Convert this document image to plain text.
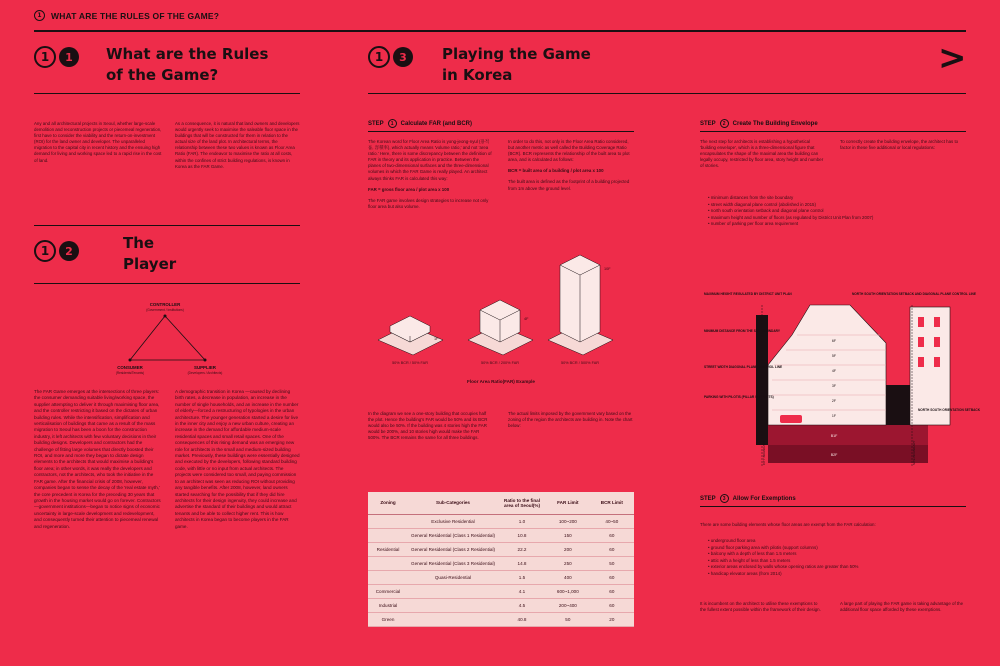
1	WHAT ARE THE RULES OF THE GAME?
>
1	1	What are the Rules
of the Game?
Any and all architectural projects in Seoul, whether large-scale demolition and reconstruction projects or piecemeal regeneration, first have to consider the viability and the return-on-investment (ROI) for the land owner and developer. The unparalleled migration to the capital city in recent history and the ensuing high demand for living and working space led to a rapid rise in the cost of land.
As a consequence, it is natural that land owners and developers would urgently seek to maximise the saleable floor space in the buildings that will be constructed for them in relation to the actual size of the land plot. In architectural terms, the relationship between these two values is known as Floor Area Ratio (FAR). The endeavor to maximise the ratio at all costs, within the confines of strict building regulations, is known in Korea as the FAR Game.
1	2	The
Player
CONTROLLER
(Government / Institutions)
CONSUMER
(Residents/Tenants)
SUPPLIER
(Developers / Architects)
The FAR Game emerges at the intersections of three players: the consumer demanding suitable living/working space, the supplier attempting to deliver it through maximising floor area, and the controller restricting it based on the dictates of urban building rules. While the intensification, simplification and verticalisation of buildings that came as a result of the mass migration to Seoul has been a boon for the construction industry, it left architects with few voluntary decisions in their building designs. Developers and contractors had the challenge of fitting large volumes that directly boosted their ROI, and more and more they began to dictate design elements to the architects that would maximise a building's floor area; in other words, it was really the developers and contractors, not the architects, who took the initiative in the FAR game. After the financial crisis of 2008, however, companies began to sense the decay of the 'real estate myth,' the core precedent in Korea for the preceding 30 years that growth in the housing market would go on forever. Contractors—government institutions—began to notice signs of economic uncertainty in large-scale development and redevelopment, and consequently turned their attention to piecemeal renewal and regeneration.
A demographic transition in Korea —caused by declining birth rates, a decrease in population, an increase in the number of single households, and an increase in the number of elderly—forced a restructuring of typologies in the urban architecture. The younger generation started a desire for live in the inner city and enjoy a new urban culture, creating an increase in the demand for affordable medium-scale residential spaces and small retail spaces. One of the consequences of this rising demand was an emerging new role for architects in the small and medium-sized building market. Previously, these buildings were essentially designed and executed by the developers, following standard building code, with little or no input from actual architects. The projects were considered too small, and paying commission to an architect was seen as reducing ROI without providing any tangible benefits. After 2008, however, land owners started searching for the possibility that if they did hire architects for their design ingenuity, they could increase and advertise the standard of their buildings and would attract tenants and be able to collect higher rent. This is how architects in Korea began to become players in the FAR game.
1	3	Playing the Game
in Korea
STEP	1	Calculate FAR (and BCR)
The Korean word for Floor Area Ratio is yong-jeong-nyul (용적률, 容積率), which actually means 'volume ratio,' and not 'area ratio.' Here, there is some discrepancy between the definition of FAR in theory and its application in practice. Between the planes of two-dimensional surfaces and the three-dimensional volumes in which the FAR Game is really played. An architect always thinks FAR is calculated this way:
FAR = gross floor area / plot area x 100
The FAR game involves design strategies to increase not only floor area but also volume.
In order to do this, not only is the Floor Area Ratio considered, but another metric as well called the Building Coverage Ratio (BCR). BCR represents the relationship of the built area to plot area, and is calculated as follows:
BCR = built area of a building / plot area x 100
The built area is defined as the footprint of a building projected from 1m above the ground level.
1F
4F
10F
50% BCR / 50% FAR	50% BCR / 200% FAR	50% BCR / 500% FAR
Floor Area Ratio(FAR) Example
In the diagram we see a one-story building that occupies half the plot. Hence the building's FAR would be 50% and its BCR would also be 50%. If the building was 4 stories high the FAR would be 200%, and 10 stories high would make the FAR 500%. The BCR remains the same for all three buildings.
The actual limits imposed by the government vary based on the zoning of the region the architects are building in. Note the chart below:
Zoning	Sub-Categories	Ratio to the final area of Seoul(%)	FAR Limit	BCR Limit
	Exclusive Residential	1.0	100~200	40~50
	General Residential (Class 1 Residential)	10.8	150	60
Residential	General Residential (Class 2 Residential)	22.2	200	60
	General Residential (Class 3 Residential)	14.8	250	50
	Quasi-Residential	1.5	400	60
Commercial		4.1	600~1,000	60
Industrial		4.5	200~400	60
Green		40.8	50	20
STEP	2	Create The Building Envelope
The next step for architects is establishing a hypothetical 'building envelope', which is a three-dimensional figure that encapsulates the shape of the maximal area the building can legally occupy, restricted by floor area, story height and number of stories.
To correctly create the building envelope, the architect has to factor in these five additional or local regulations:
• minimum distances from the site boundary
• street width diagonal plane control (abolished in 2015)
• north south orientation setback and diagonal plane control
• maximum height and number of floors (as regulated by District Unit Plan from 2007)
• number of parking per floor area requirement
1F
2F
3F
4F
5F
6F
B1F
B2F
MAXIMUM HEIGHT REGULATED BY DISTRICT UNIT PLAN	NORTH SOUTH ORIENTATION SETBACK AND DIAGONAL PLANE CONTROL LINE
MINIMUM DISTANCE FROM THE SITE BOUNDARY
STREET WIDTH DIAGONAL PLANE CONTROL LINE
PARKING WITH PILOTIS (PILLAR SUPPORTS)
NORTH SOUTH ORIENTATION SETBACK
CITY BOUNDARY	SITE BOUNDARY
STEP	3	Allow For Exemptions
There are some building elements whose floor areas are exempt from the FAR calculation:
• underground floor area
• ground floor parking area with pilotis (support columns)
• balcony with a depth of less than 1.5 meters
• attic with a height of less than 1.5 meters
• exterior areas enclosed by walls whose opening ratios are greater than 50%
• handicap elevator areas (from 2014)
It is incumbent on the architect to utilise these exemptions to the fullest extent possible within the framework of their design.
A large part of playing the FAR game is taking advantage of the additional floor space afforded by these exemptions.
